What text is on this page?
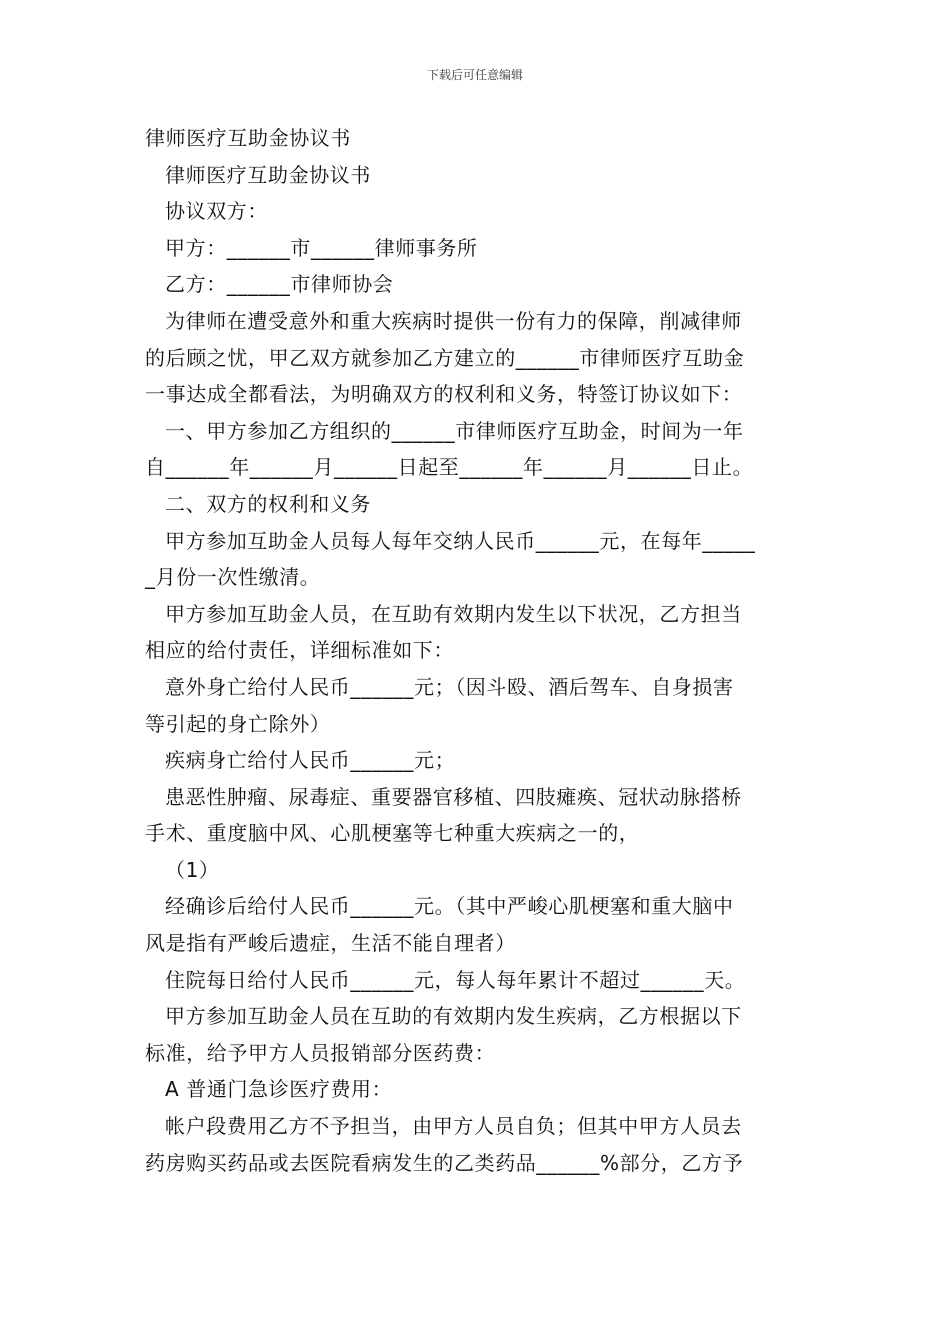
下载后可任意编辑
律师医疗互助金协议书
律师医疗互助金协议书
协议双方：
甲方：______市______律师事务所
乙方：______市律师协会
为律师在遭受意外和重大疾病时提供一份有力的保障，削减律师
的后顾之忧，甲乙双方就参加乙方建立的______市律师医疗互助金
一事达成全都看法，为明确双方的权利和义务，特签订协议如下：
一、甲方参加乙方组织的______市律师医疗互助金，时间为一年
自______年______月______日起至______年______月______日止。
二、双方的权利和义务
甲方参加互助金人员每人每年交纳人民币______元，在每年_____
_月份一次性缴清。
甲方参加互助金人员，在互助有效期内发生以下状况，乙方担当
相应的给付责任，详细标准如下：
意外身亡给付人民币______元；（因斗殴、酒后驾车、自身损害
等引起的身亡除外）
疾病身亡给付人民币______元；
患恶性肿瘤、尿毒症、重要器官移植、四肢瘫痪、冠状动脉搭桥
手术、重度脑中风、心肌梗塞等七种重大疾病之一的，
（1）
经确诊后给付人民币______元。（其中严峻心肌梗塞和重大脑中
风是指有严峻后遗症，生活不能自理者）
住院每日给付人民币______元，每人每年累计不超过______天。
甲方参加互助金人员在互助的有效期内发生疾病，乙方根据以下
标准，给予甲方人员报销部分医药费：
A 普通门急诊医疗费用：
帐户段费用乙方不予担当，由甲方人员自负；但其中甲方人员去
药房购买药品或去医院看病发生的乙类药品______%部分，乙方予
